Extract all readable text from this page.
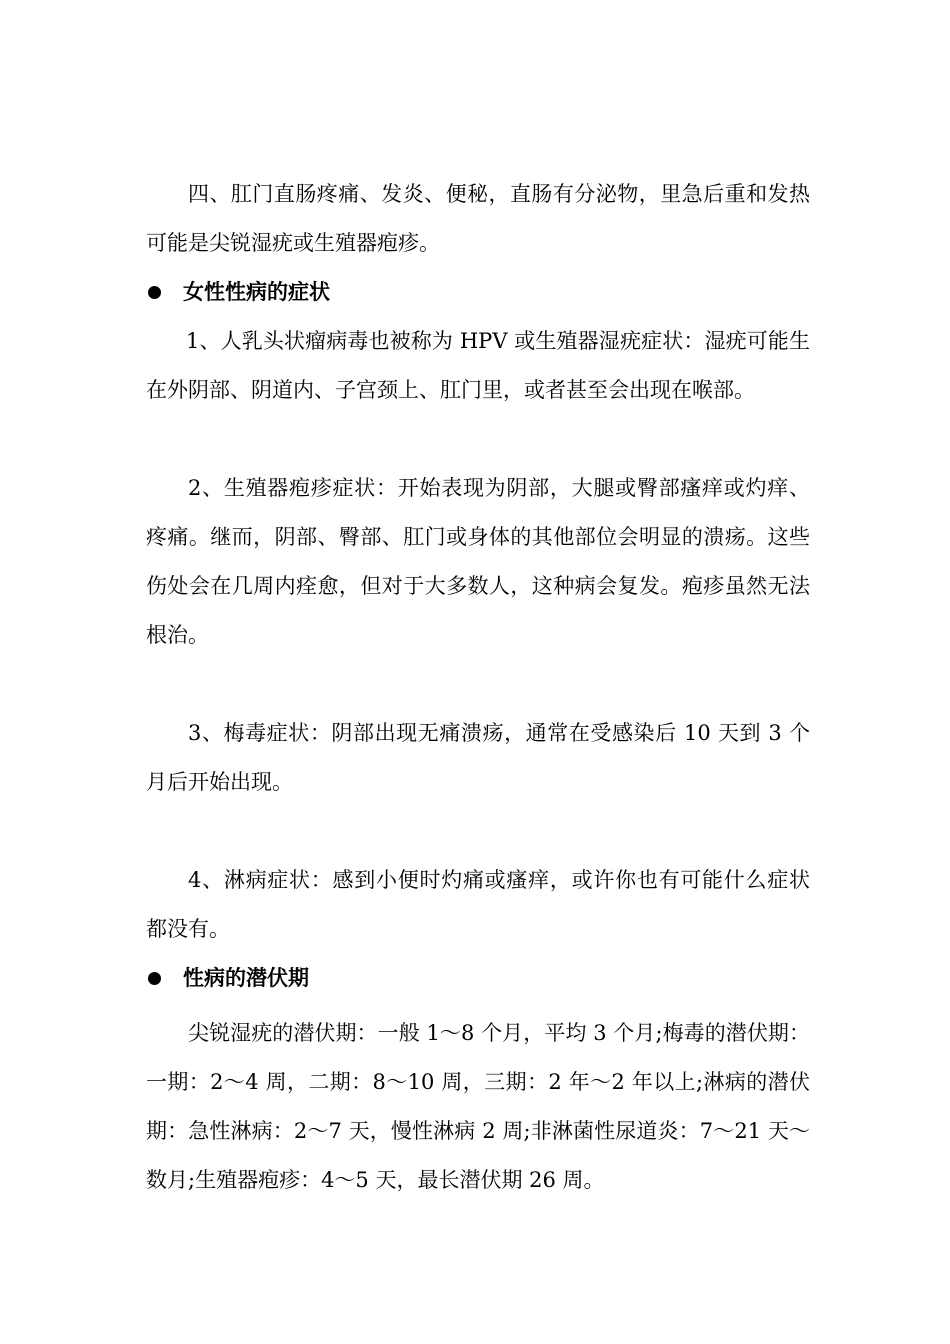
四、肛门直肠疼痛、发炎、便秘，直肠有分泌物，里急后重和发热可能是尖锐湿疣或生殖器疱疹。

女性性病的症状

1、人乳头状瘤病毒也被称为 HPV 或生殖器湿疣症状：湿疣可能生在外阴部、阴道内、子宫颈上、肛门里，或者甚至会出现在喉部。

2、生殖器疱疹症状：开始表现为阴部，大腿或臀部瘙痒或灼痒、疼痛。继而，阴部、臀部、肛门或身体的其他部位会明显的溃疡。这些伤处会在几周内痊愈，但对于大多数人，这种病会复发。疱疹虽然无法根治。

3、梅毒症状：阴部出现无痛溃疡，通常在受感染后 10 天到 3 个月后开始出现。

4、淋病症状：感到小便时灼痛或瘙痒，或许你也有可能什么症状都没有。

性病的潜伏期

尖锐湿疣的潜伏期：一般 1～8 个月，平均 3 个月;梅毒的潜伏期：一期：2～4 周，二期：8～10 周，三期：2 年～2 年以上;淋病的潜伏期：急性淋病：2～7 天，慢性淋病 2 周;非淋菌性尿道炎：7～21 天～数月;生殖器疱疹：4～5 天，最长潜伏期 26 周。
